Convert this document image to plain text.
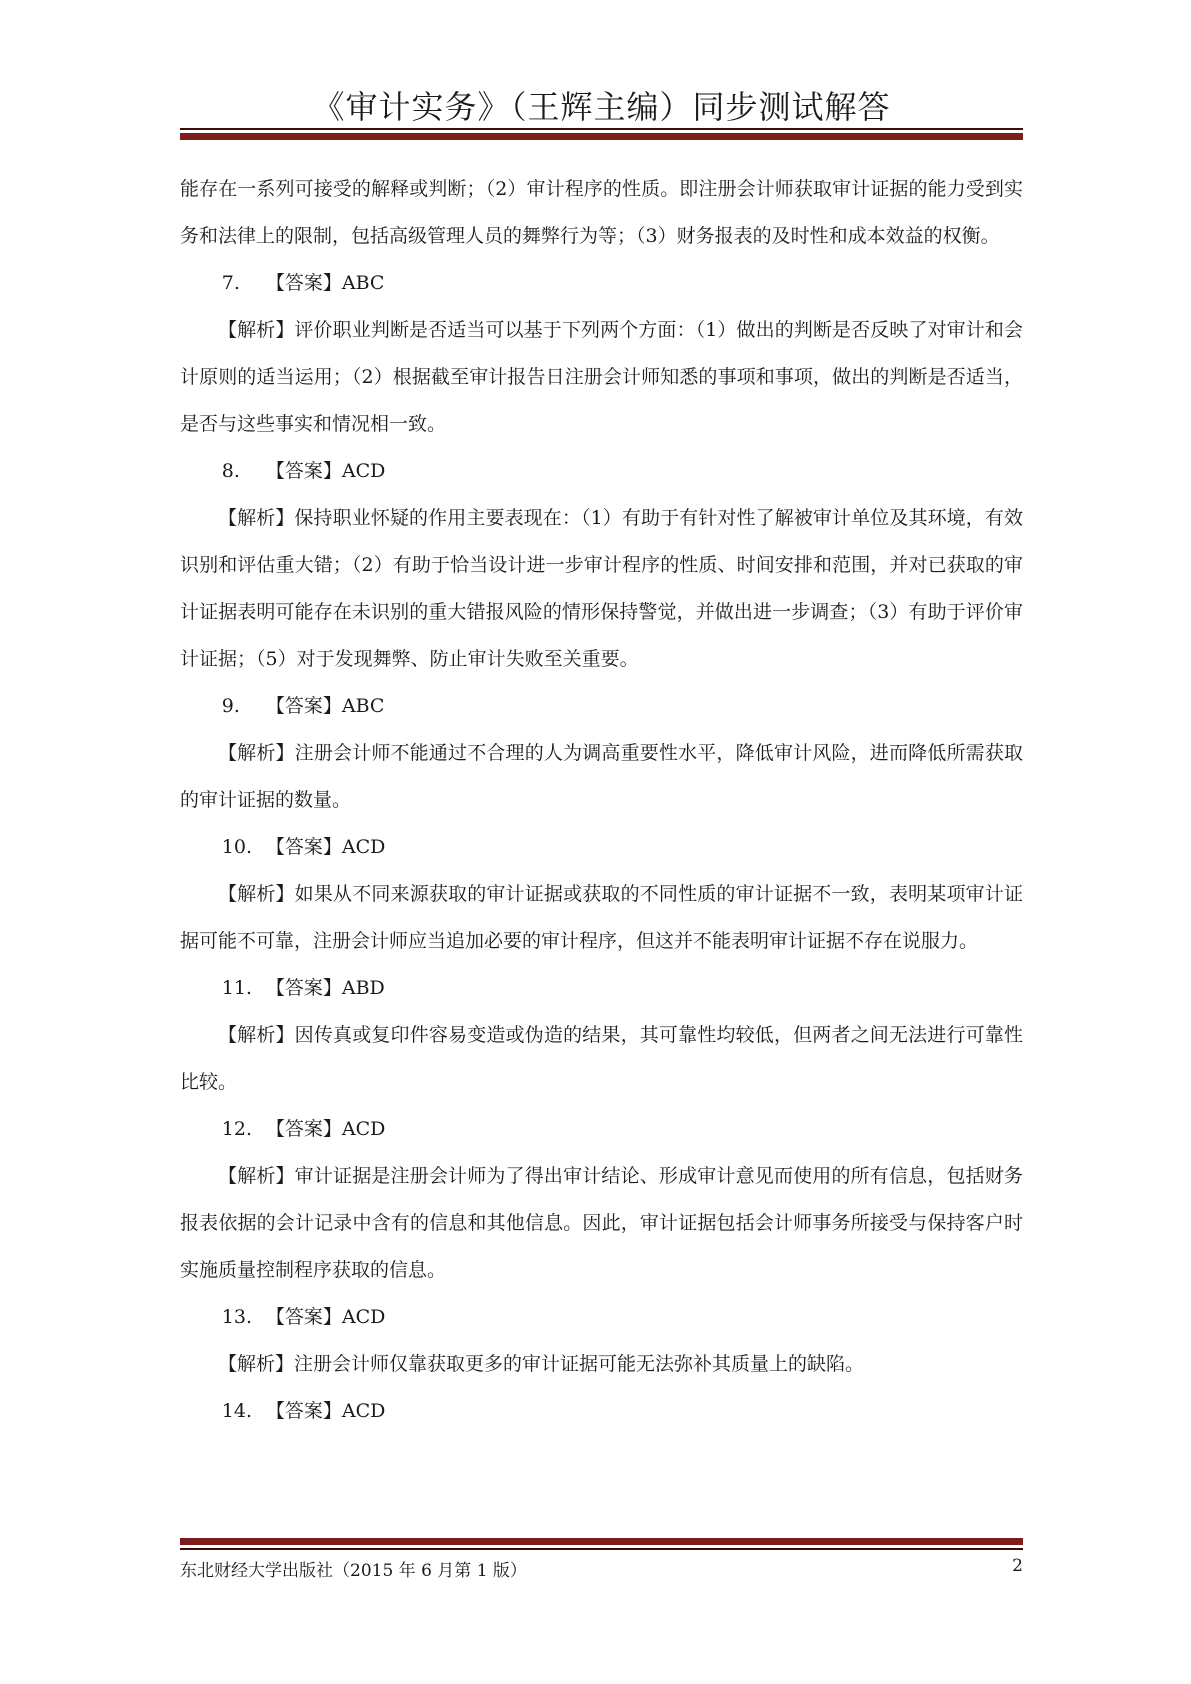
《审计实务》（王辉主编）同步测试解答

能存在一系列可接受的解释或判断；（2）审计程序的性质。即注册会计师获取审计证据的能力受到实务和法律上的限制，包括高级管理人员的舞弊行为等；（3）财务报表的及时性和成本效益的权衡。

7. 【答案】ABC

【解析】评价职业判断是否适当可以基于下列两个方面：（1）做出的判断是否反映了对审计和会计原则的适当运用；（2）根据截至审计报告日注册会计师知悉的事项和事项，做出的判断是否适当，是否与这些事实和情况相一致。

8. 【答案】ACD

【解析】保持职业怀疑的作用主要表现在：（1）有助于有针对性了解被审计单位及其环境，有效识别和评估重大错；（2）有助于恰当设计进一步审计程序的性质、时间安排和范围，并对已获取的审计证据表明可能存在未识别的重大错报风险的情形保持警觉，并做出进一步调查；（3）有助于评价审计证据；（5）对于发现舞弊、防止审计失败至关重要。

9. 【答案】ABC

【解析】注册会计师不能通过不合理的人为调高重要性水平，降低审计风险，进而降低所需获取的审计证据的数量。

10. 【答案】ACD

【解析】如果从不同来源获取的审计证据或获取的不同性质的审计证据不一致，表明某项审计证据可能不可靠，注册会计师应当追加必要的审计程序，但这并不能表明审计证据不存在说服力。

11. 【答案】ABD

【解析】因传真或复印件容易变造或伪造的结果，其可靠性均较低，但两者之间无法进行可靠性比较。

12. 【答案】ACD

【解析】审计证据是注册会计师为了得出审计结论、形成审计意见而使用的所有信息，包括财务报表依据的会计记录中含有的信息和其他信息。因此，审计证据包括会计师事务所接受与保持客户时实施质量控制程序获取的信息。

13. 【答案】ACD

【解析】注册会计师仅靠获取更多的审计证据可能无法弥补其质量上的缺陷。

14. 【答案】ACD

东北财经大学出版社（2015 年 6 月第 1 版）	2
